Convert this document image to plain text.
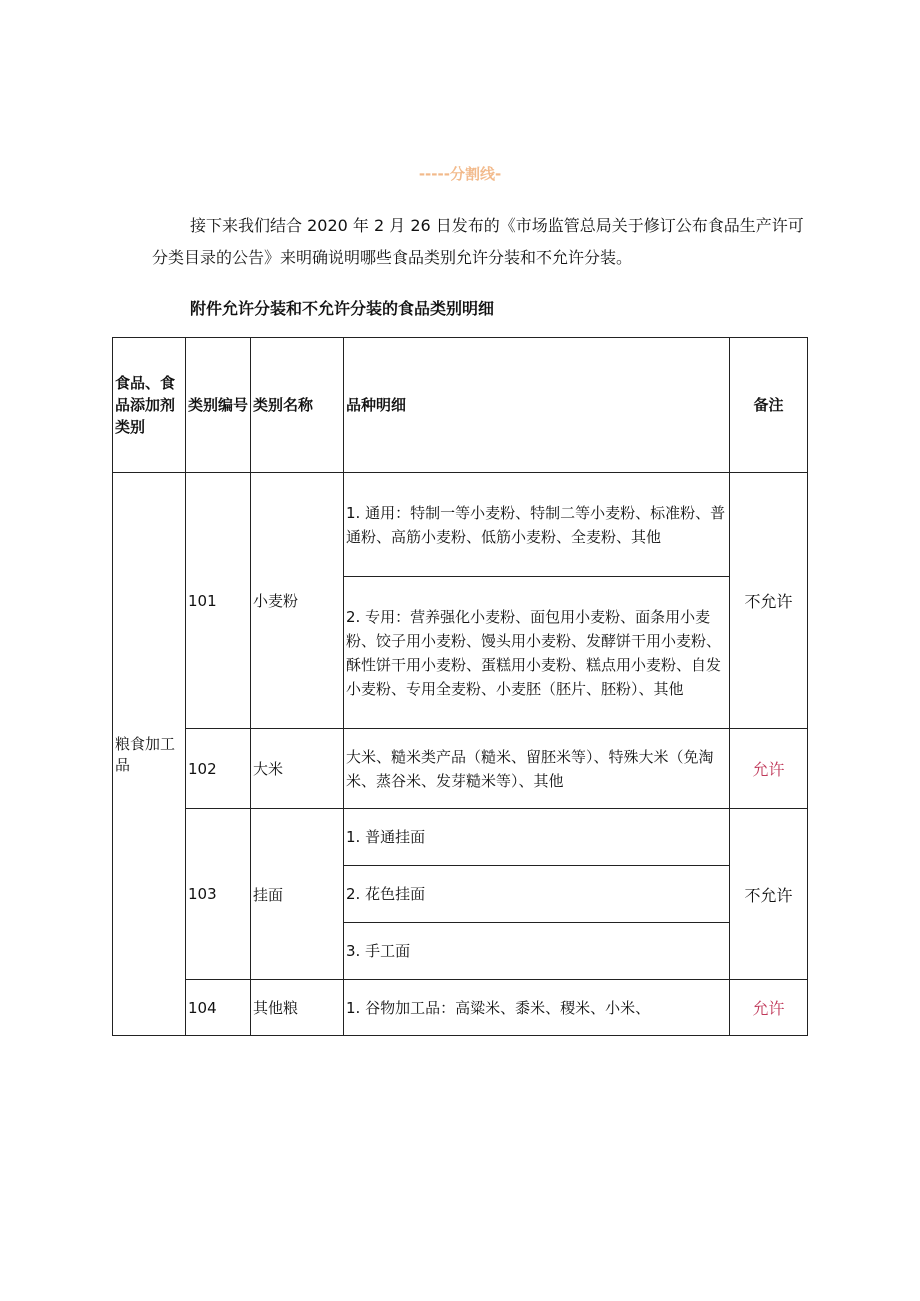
-----分割线-

接下来我们结合 2020 年 2 月 26 日发布的《市场监管总局关于修订公布食品生产许可分类目录的公告》来明确说明哪些食品类别允许分装和不允许分装。

附件允许分装和不允许分装的食品类别明细
食品、食品添加剂类别	类别编号	类别名称	品种明细	备注
粮食加工品	101	小麦粉	1. 通用：特制一等小麦粉、特制二等小麦粉、标准粉、普通粉、高筋小麦粉、低筋小麦粉、全麦粉、其他	不允许
			2. 专用：营养强化小麦粉、面包用小麦粉、面条用小麦粉、饺子用小麦粉、馒头用小麦粉、发酵饼干用小麦粉、酥性饼干用小麦粉、蛋糕用小麦粉、糕点用小麦粉、自发小麦粉、专用全麦粉、小麦胚（胚片、胚粉）、其他	
	102	大米	大米、糙米类产品（糙米、留胚米等）、特殊大米（免淘米、蒸谷米、发芽糙米等）、其他	允许
	103	挂面	1. 普通挂面	不允许
			2. 花色挂面	
			3. 手工面	
	104	其他粮	1. 谷物加工品：高粱米、黍米、稷米、小米、	允许
